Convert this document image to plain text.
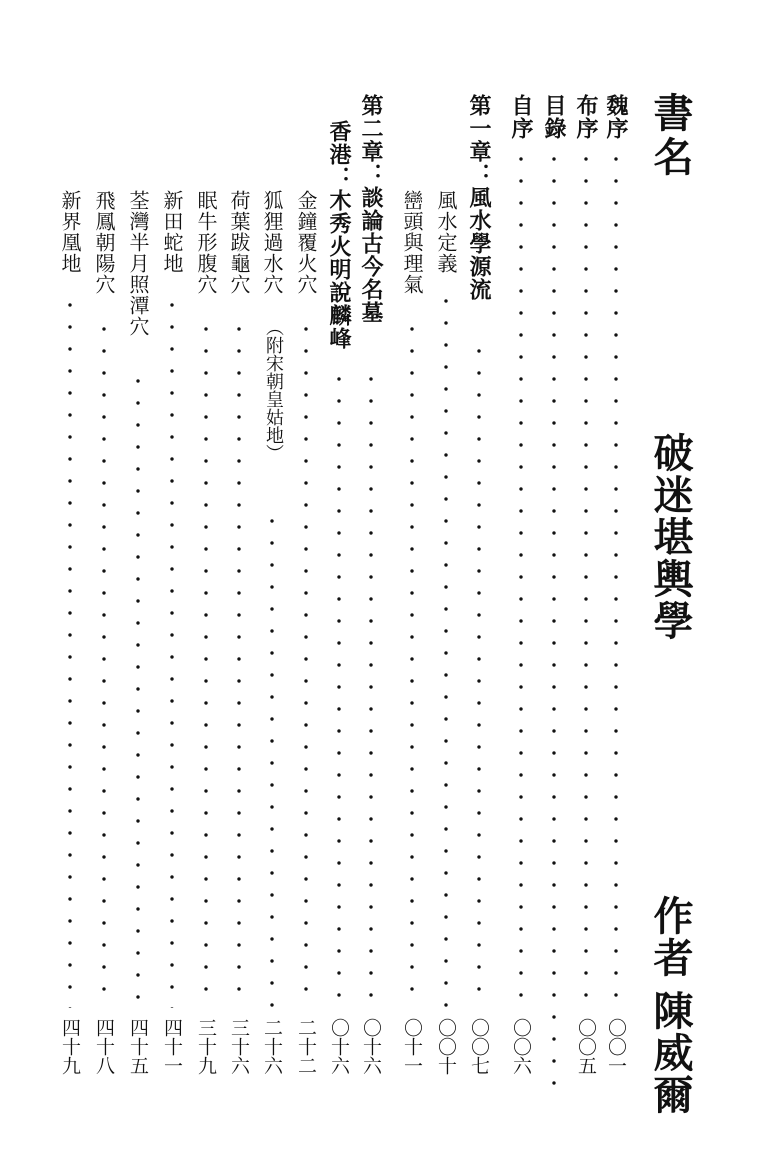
書名
破迷堪輿學
作者
陳威爾
魏序
〇〇一
布序
〇〇五
目錄
自序
〇〇六
第一章：風水學源流
〇〇七
風水定義
〇〇十
巒頭與理氣
〇十一
第二章：談論古今名墓
〇十六
香港：木秀火明說麟峰
〇十六
金鐘覆火穴
二十二
狐狸過水穴
（附宋朝皇姑地）
二十六
荷葉跋龜穴
三十六
眠牛形腹穴
三十九
新田蛇地
四十一
荃灣半月照潭穴
四十五
飛鳳朝陽穴
四十八
新界凰地
四十九
